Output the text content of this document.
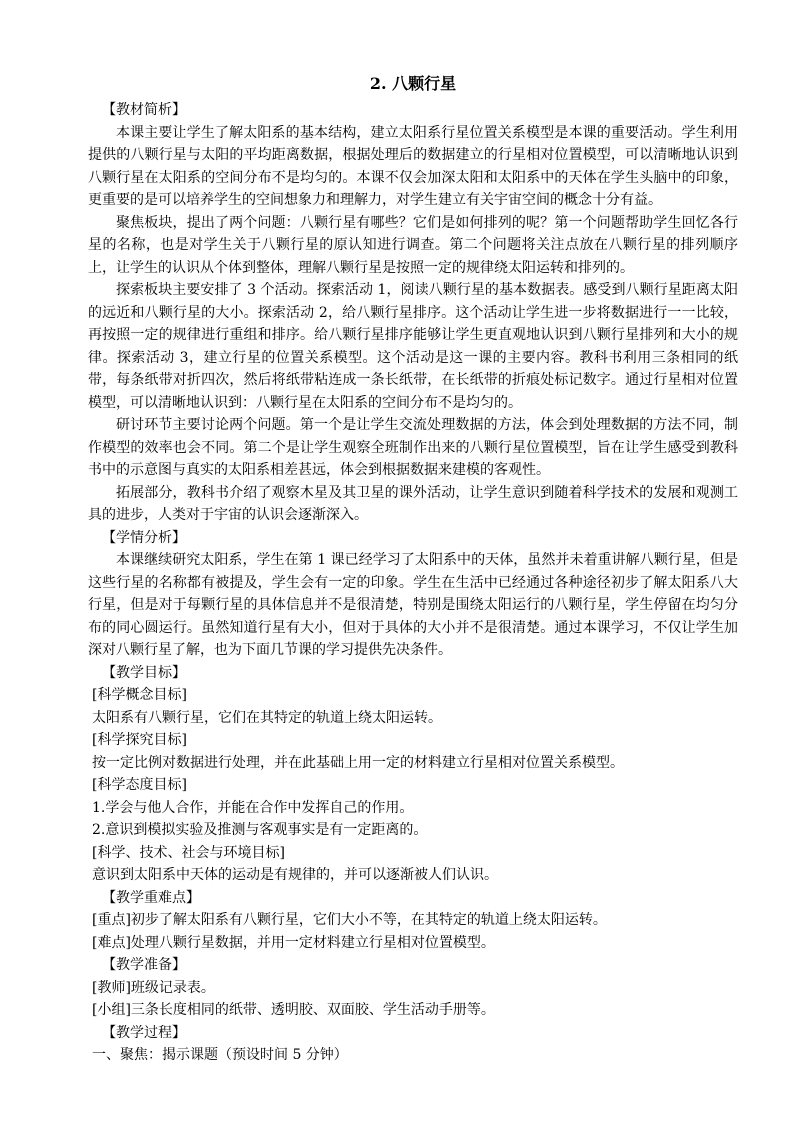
2. 八颗行星
【教材简析】

本课主要让学生了解太阳系的基本结构，建立太阳系行星位置关系模型是本课的重要活动。学生利用提供的八颗行星与太阳的平均距离数据，根据处理后的数据建立的行星相对位置模型，可以清晰地认识到八颗行星在太阳系的空间分布不是均匀的。本课不仅会加深太阳和太阳系中的天体在学生头脑中的印象，更重要的是可以培养学生的空间想象力和理解力，对学生建立有关宇宙空间的概念十分有益。

聚焦板块，提出了两个问题：八颗行星有哪些？它们是如何排列的呢？第一个问题帮助学生回忆各行星的名称，也是对学生关于八颗行星的原认知进行调查。第二个问题将关注点放在八颗行星的排列顺序上，让学生的认识从个体到整体，理解八颗行星是按照一定的规律绕太阳运转和排列的。

探索板块主要安排了 3 个活动。探索活动 1，阅读八颗行星的基本数据表。感受到八颗行星距离太阳的远近和八颗行星的大小。探索活动 2，给八颗行星排序。这个活动让学生进一步将数据进行一一比较，再按照一定的规律进行重组和排序。给八颗行星排序能够让学生更直观地认识到八颗行星排列和大小的规律。探索活动 3，建立行星的位置关系模型。这个活动是这一课的主要内容。教科书利用三条相同的纸带，每条纸带对折四次，然后将纸带粘连成一条长纸带，在长纸带的折痕处标记数字。通过行星相对位置模型，可以清晰地认识到：八颗行星在太阳系的空间分布不是均匀的。

研讨环节主要讨论两个问题。第一个是让学生交流处理数据的方法，体会到处理数据的方法不同，制作模型的效率也会不同。第二个是让学生观察全班制作出来的八颗行星位置模型，旨在让学生感受到教科书中的示意图与真实的太阳系相差甚远，体会到根据数据来建模的客观性。

拓展部分，教科书介绍了观察木星及其卫星的课外活动，让学生意识到随着科学技术的发展和观测工具的进步，人类对于宇宙的认识会逐渐深入。

【学情分析】

本课继续研究太阳系，学生在第 1 课已经学习了太阳系中的天体，虽然并未着重讲解八颗行星，但是这些行星的名称都有被提及，学生会有一定的印象。学生在生活中已经通过各种途径初步了解太阳系八大行星，但是对于每颗行星的具体信息并不是很清楚，特别是围绕太阳运行的八颗行星，学生停留在均匀分布的同心圆运行。虽然知道行星有大小，但对于具体的大小并不是很清楚。通过本课学习，不仅让学生加深对八颗行星了解，也为下面几节课的学习提供先决条件。

【教学目标】
[科学概念目标]
太阳系有八颗行星，它们在其特定的轨道上绕太阳运转。
[科学探究目标]
按一定比例对数据进行处理，并在此基础上用一定的材料建立行星相对位置关系模型。
[科学态度目标]
1.学会与他人合作，并能在合作中发挥自己的作用。
2.意识到模拟实验及推测与客观事实是有一定距离的。
[科学、技术、社会与环境目标]
意识到太阳系中天体的运动是有规律的，并可以逐渐被人们认识。
【教学重难点】
[重点]初步了解太阳系有八颗行星，它们大小不等，在其特定的轨道上绕太阳运转。
[难点]处理八颗行星数据，并用一定材料建立行星相对位置模型。
【教学准备】
[教师]班级记录表。
[小组]三条长度相同的纸带、透明胶、双面胶、学生活动手册等。
【教学过程】
一、聚焦：揭示课题（预设时间 5 分钟）
